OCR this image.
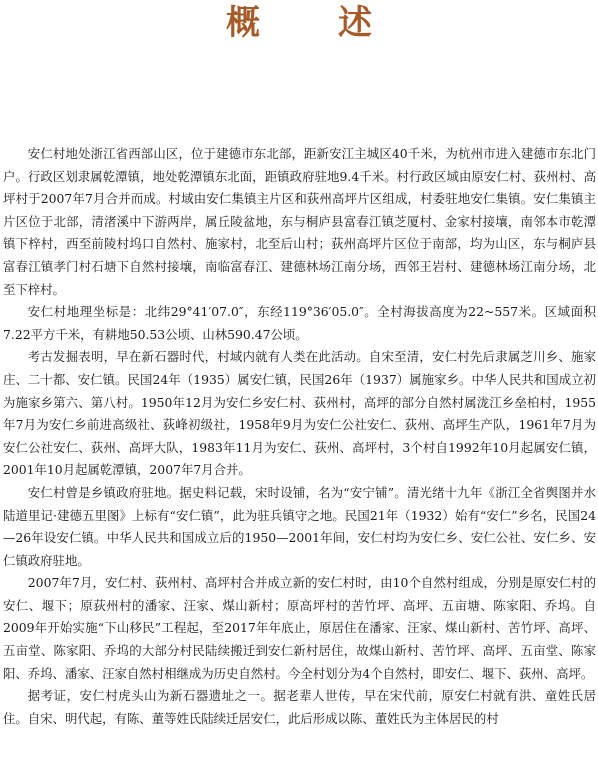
概　述

安仁村地处浙江省西部山区，位于建德市东北部，距新安江主城区40千米，为杭州市进入建德市东北门户。行政区划隶属乾潭镇，地处乾潭镇东北面，距镇政府驻地9.4千米。村行政区域由原安仁村、荻州村、高坪村于2007年7月合并而成。村域由安仁集镇主片区和荻州高坪片区组成，村委驻地安仁集镇。安仁集镇主片区位于北部，清渚溪中下游两岸，属丘陵盆地，东与桐庐县富春江镇芝厦村、金家村接壤，南邻本市乾潭镇下梓村，西至前陵村坞口自然村、施家村，北至后山村；荻州高坪片区位于南部，均为山区，东与桐庐县富春江镇孝门村石塘下自然村接壤，南临富春江、建德林场江南分场，西邻王岩村、建德林场江南分场，北至下梓村。

安仁村地理坐标是：北纬29°41′07.0″，东经119°36′05.0″。全村海拔高度为22~557米。区域面积7.22平方千米，有耕地50.53公顷、山林590.47公顷。

考古发掘表明，早在新石器时代，村域内就有人类在此活动。自宋至清，安仁村先后隶属芝川乡、施家庄、二十都、安仁镇。民国24年（1935）属安仁镇，民国26年（1937）属施家乡。中华人民共和国成立初为施家乡第六、第八村。1950年12月为安仁乡安仁村、荻州村，高坪的部分自然村属泷江乡垒柏村，1955年7月为安仁乡前进高级社、荻峰初级社，1958年9月为安仁公社安仁、荻州、高坪生产队，1961年7月为安仁公社安仁、荻州、高坪大队，1983年11月为安仁、荻州、高坪村，3个村自1992年10月起属安仁镇，2001年10月起属乾潭镇，2007年7月合并。

安仁村曾是乡镇政府驻地。据史料记载，宋时设铺，名为“安宁铺”。清光绪十九年《浙江全省舆图并水陆道里记·建德五里图》上标有“安仁镇”，此为驻兵镇守之地。民国21年（1932）始有“安仁”乡名，民国24—26年设安仁镇。中华人民共和国成立后的1950—2001年间，安仁村均为安仁乡、安仁公社、安仁乡、安仁镇政府驻地。

2007年7月，安仁村、荻州村、高坪村合并成立新的安仁村时，由10个自然村组成，分别是原安仁村的安仁、堰下；原荻州村的潘家、汪家、煤山新村；原高坪村的苦竹坪、高坪、五亩塘、陈家阳、乔坞。自2009年开始实施“下山移民”工程起，至2017年年底止，原居住在潘家、汪家、煤山新村、苦竹坪、高坪、五亩堂、陈家阳、乔坞的大部分村民陆续搬迁到安仁新村居住，故煤山新村、苦竹坪、高坪、五亩堂、陈家阳、乔坞、潘家、汪家自然村相继成为历史自然村。今全村划分为4个自然村，即安仁、堰下、荻州、高坪。

据考证，安仁村虎头山为新石器遗址之一。据老辈人世传，早在宋代前，原安仁村就有洪、童姓氏居住。自宋、明代起，有陈、董等姓氏陆续迁居安仁，此后形成以陈、董姓氏为主体居民的村
